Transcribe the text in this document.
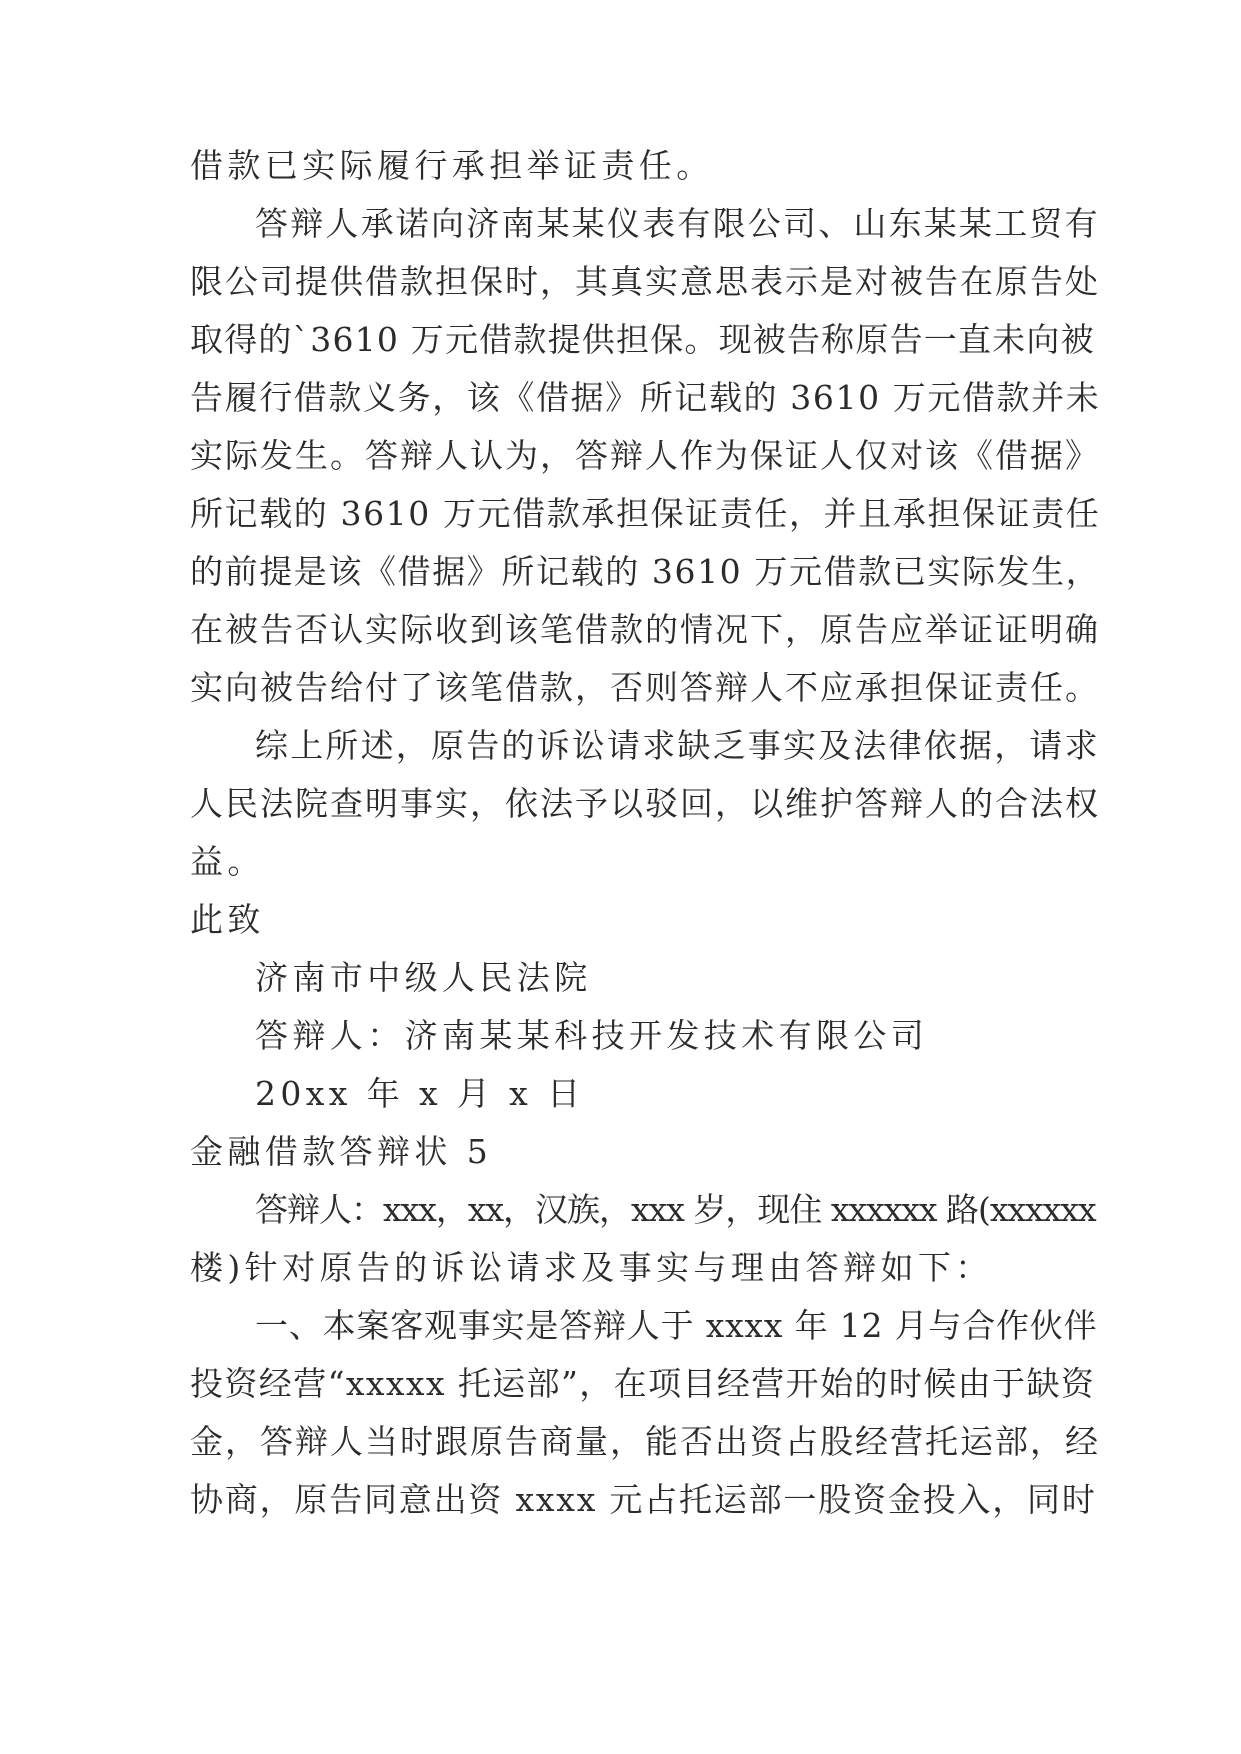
借款已实际履行承担举证责任。
答辩人承诺向济南某某仪表有限公司、山东某某工贸有
限公司提供借款担保时，其真实意思表示是对被告在原告处
取得的`3610 万元借款提供担保。现被告称原告一直未向被
告履行借款义务，该《借据》所记载的 3610 万元借款并未
实际发生。答辩人认为，答辩人作为保证人仅对该《借据》
所记载的 3610 万元借款承担保证责任，并且承担保证责任
的前提是该《借据》所记载的 3610 万元借款已实际发生，
在被告否认实际收到该笔借款的情况下，原告应举证证明确
实向被告给付了该笔借款，否则答辩人不应承担保证责任。
综上所述，原告的诉讼请求缺乏事实及法律依据，请求
人民法院查明事实，依法予以驳回，以维护答辩人的合法权
益。
此致
济南市中级人民法院
答辩人：济南某某科技开发技术有限公司
20xx 年 x 月 x 日
金融借款答辩状 5
答辩人：xxx，xx，汉族，xxx 岁，现住 xxxxxx 路(xxxxxx
楼)针对原告的诉讼请求及事实与理由答辩如下：
一、本案客观事实是答辩人于 xxxx 年 12 月与合作伙伴
投资经营“xxxxx 托运部”，在项目经营开始的时候由于缺资
金，答辩人当时跟原告商量，能否出资占股经营托运部，经
协商，原告同意出资 xxxx 元占托运部一股资金投入，同时
